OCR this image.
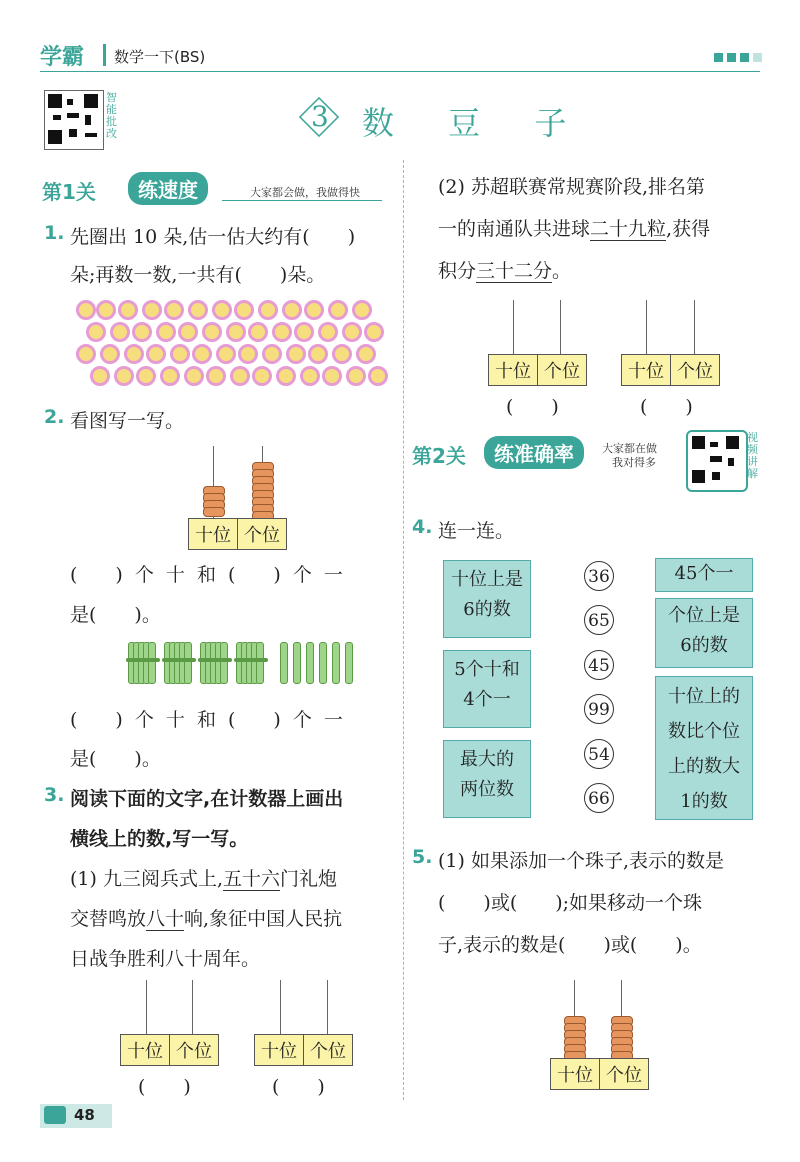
学霸 数学一下(BS)
智能批改
3 数 豆 子
第1关	练速度	大家都会做，我做得快
1. 先圈出 10 朵,估一估大约有(　　)
朵;再数一数,一共有(　　)朵。
2. 看图写一写。
十位 个位
(　　) 个 十 和 (　　) 个 一
是(　　)。
(　　) 个 十 和 (　　) 个 一
是(　　)。
3. 阅读下面的文字,在计数器上画出
横线上的数,写一写。
(1) 九三阅兵式上,五十六门礼炮
交替鸣放八十响,象征中国人民抗
日战争胜利八十周年。
十位 个位
(　　)
十位 个位
(　　)
(2) 苏超联赛常规赛阶段,排名第
一的南通队共进球二十九粒,获得
积分三十二分。
十位 个位
(　　)
十位 个位
(　　)
第2关	练准确率	大家都在做
我对得多
视频讲解
4. 连一连。
十位上是
6的数
5个十和
4个一
最大的
两位数
36
65
45
99
54
66
45个一
个位上是
6的数
十位上的
数比个位
上的数大
1的数
5. (1) 如果添加一个珠子,表示的数是
(　　)或(　　);如果移动一个珠
子,表示的数是(　　)或(　　)。
十位 个位
48
